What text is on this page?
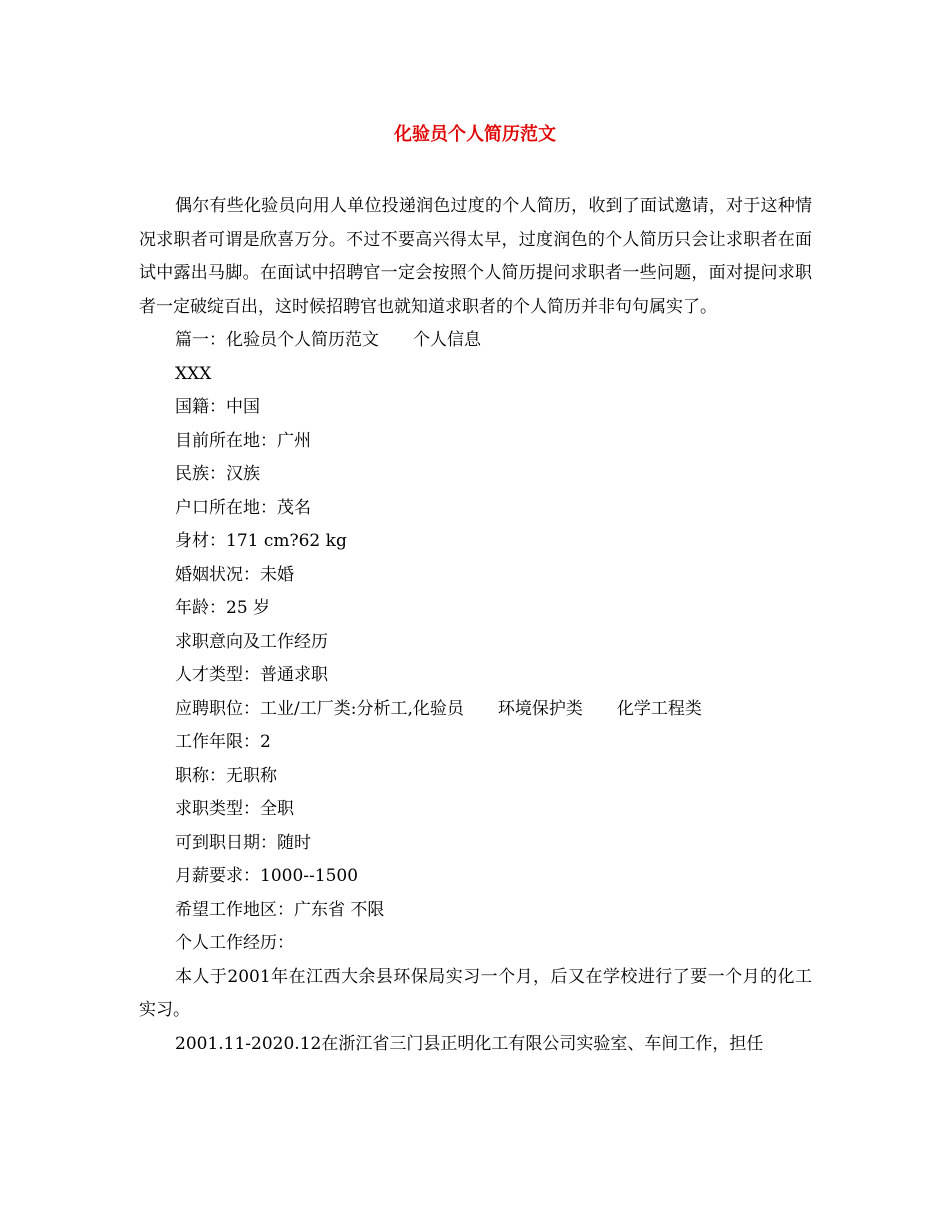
化验员个人简历范文

偶尔有些化验员向用人单位投递润色过度的个人简历，收到了面试邀请，对于这种情况求职者可谓是欣喜万分。不过不要高兴得太早，过度润色的个人简历只会让求职者在面试中露出马脚。在面试中招聘官一定会按照个人简历提问求职者一些问题，面对提问求职者一定破绽百出，这时候招聘官也就知道求职者的个人简历并非句句属实了。

篇一：化验员个人简历范文　　个人信息

XXX

国籍：中国

目前所在地：广州

民族：汉族

户口所在地：茂名

身材：171 cm?62 kg

婚姻状况：未婚

年龄：25 岁

求职意向及工作经历

人才类型：普通求职

应聘职位：工业/工厂类:分析工,化验员　　环境保护类　　化学工程类

工作年限：2

职称：无职称

求职类型：全职

可到职日期：随时

月薪要求：1000--1500

希望工作地区：广东省 不限

个人工作经历：

本人于2001年在江西大余县环保局实习一个月，后又在学校进行了要一个月的化工实习。

2001.11-2020.12在浙江省三门县正明化工有限公司实验室、车间工作，担任
